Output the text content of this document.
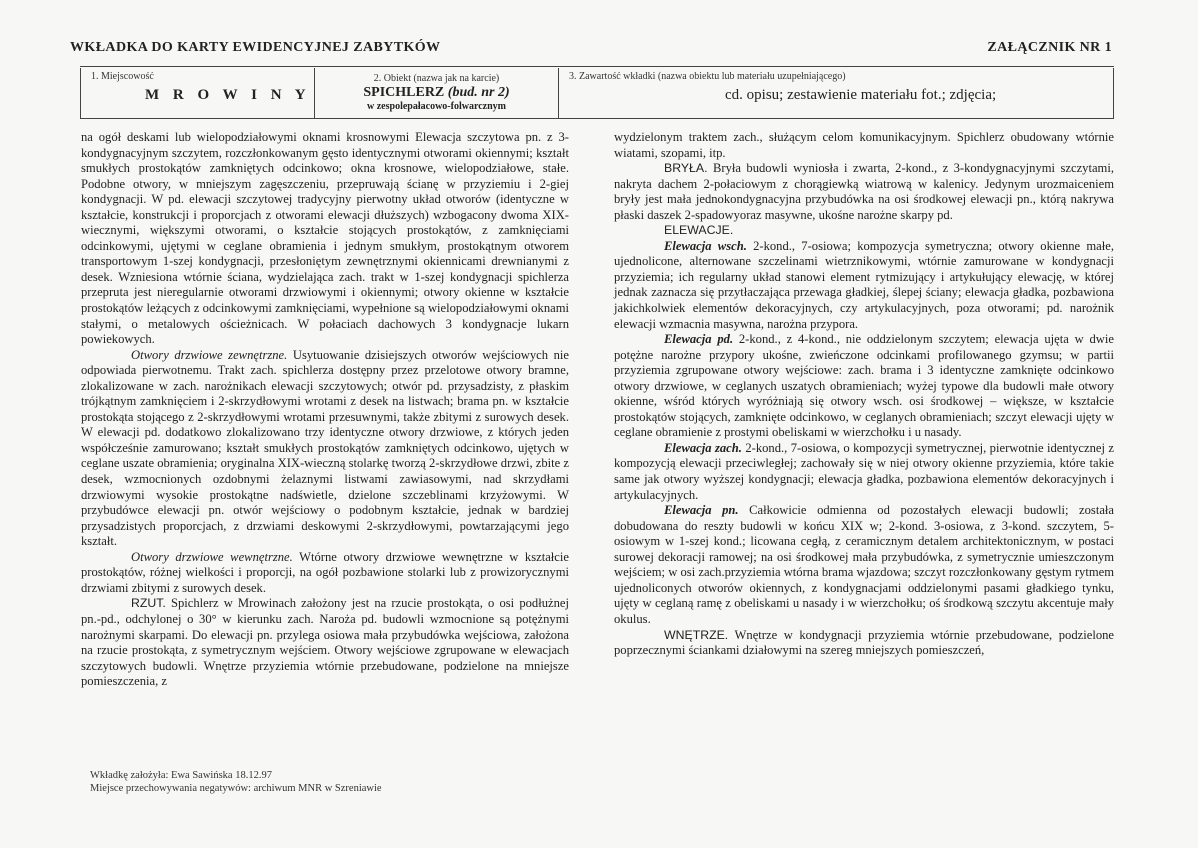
WKŁADKA DO KARTY EWIDENCYJNEJ ZABYTKÓW	ZAŁĄCZNIK NR 1
1. Miejscowość
M R O W I N Y
2. Obiekt (nazwa jak na karcie)
SPICHLERZ (bud. nr 2)
w zespolepałacowo-folwarcznym
3. Zawartość wkładki (nazwa obiektu lub materiału uzupełniającego)
cd. opisu; zestawienie materiału fot.; zdjęcia;

na ogół deskami lub wielopodziałowymi oknami krosnowymi Elewacja szczytowa pn. z 3-kondygnacyjnym szczytem, rozczłonkowanym gęsto identycznymi otworami okiennymi; kształt smukłych prostokątów zamkniętych odcinkowo; okna krosnowe, wielopodziałowe, stałe. Podobne otwory, w mniejszym zagęszczeniu, przepruwają ścianę w przyziemiu i 2-giej kondygnacji. W pd. elewacji szczytowej tradycyjny pierwotny układ otworów (identyczne w kształcie, konstrukcji i proporcjach z otworami elewacji dłuższych) wzbogacony dwoma XIX-wiecznymi, większymi otworami, o kształcie stojących prostokątów, z zamknięciami odcinkowymi, ujętymi w ceglane obramienia i jednym smukłym, prostokątnym otworem transportowym 1-szej kondygnacji, przesłoniętym zewnętrznymi okiennicami drewnianymi z desek. Wzniesiona wtórnie ściana, wydzielająca zach. trakt w 1-szej kondygnacji spichlerza przepruta jest nieregularnie otworami drzwiowymi i okiennymi; otwory okienne w kształcie prostokątów leżących z odcinkowymi zamknięciami, wypełnione są wielopodziałowymi oknami stałymi, o metalowych ościeżnicach. W połaciach dachowych 3 kondygnacje lukarn powiekowych.

Otwory drzwiowe zewnętrzne. Usytuowanie dzisiejszych otworów wejściowych nie odpowiada pierwotnemu. Trakt zach. spichlerza dostępny przez przelotowe otwory bramne, zlokalizowane w zach. narożnikach elewacji szczytowych; otwór pd. przysadzisty, z płaskim trójkątnym zamknięciem i 2-skrzydłowymi wrotami z desek na listwach; brama pn. w kształcie prostokąta stojącego z 2-skrzydłowymi wrotami przesuwnymi, także zbitymi z surowych desek. W elewacji pd. dodatkowo zlokalizowano trzy identyczne otwory drzwiowe, z których jeden współcześnie zamurowano; kształt smukłych prostokątów zamkniętych odcinkowo, ujętych w ceglane uszate obramienia; oryginalna XIX-wieczną stolarkę tworzą 2-skrzydłowe drzwi, zbite z desek, wzmocnionych ozdobnymi żelaznymi listwami zawiasowymi, nad skrzydłami drzwiowymi wysokie prostokątne nadświetle, dzielone szczeblinami krzyżowymi. W przybudówce elewacji pn. otwór wejściowy o podobnym kształcie, jednak w bardziej przysadzistych proporcjach, z drzwiami deskowymi 2-skrzydłowymi, powtarzającymi jego kształt.

Otwory drzwiowe wewnętrzne. Wtórne otwory drzwiowe wewnętrzne w kształcie prostokątów, różnej wielkości i proporcji, na ogół pozbawione stolarki lub z prowizorycznymi drzwiami zbitymi z surowych desek.

RZUT. Spichlerz w Mrowinach założony jest na rzucie prostokąta, o osi podłużnej pn.-pd., odchylonej o 30° w kierunku zach. Naroża pd. budowli wzmocnione są potężnymi narożnymi skarpami. Do elewacji pn. przylega osiowa mała przybudówka wejściowa, założona na rzucie prostokąta, z symetrycznym wejściem. Otwory wejściowe zgrupowane w elewacjach szczytowych budowli. Wnętrze przyziemia wtórnie przebudowane, podzielone na mniejsze pomieszczenia, z

wydzielonym traktem zach., służącym celom komunikacyjnym. Spichlerz obudowany wtórnie wiatami, szopami, itp.

BRYŁA. Bryła budowli wyniosła i zwarta, 2-kond., z 3-kondygnacyjnymi szczytami, nakryta dachem 2-połaciowym z chorągiewką wiatrową w kalenicy. Jedynym urozmaiceniem bryły jest mała jednokondygnacyjna przybudówka na osi środkowej elewacji pn., którą nakrywa płaski daszek 2-spadowyoraz masywne, ukośne narożne skarpy pd.

ELEWACJE.

Elewacja wsch. 2-kond., 7-osiowa; kompozycja symetryczna; otwory okienne małe, ujednolicone, alternowane szczelinami wietrznikowymi, wtórnie zamurowane w kondygnacji przyziemia; ich regularny układ stanowi element rytmizujący i artykułujący elewację, w której jednak zaznacza się przytłaczająca przewaga gładkiej, ślepej ściany; elewacja gładka, pozbawiona jakichkolwiek elementów dekoracyjnych, czy artykulacyjnych, poza otworami; pd. narożnik elewacji wzmacnia masywna, narożna przypora.

Elewacja pd. 2-kond., z 4-kond., nie oddzielonym szczytem; elewacja ujęta w dwie potężne narożne przypory ukośne, zwieńczone odcinkami profilowanego gzymsu; w partii przyziemia zgrupowane otwory wejściowe: zach. brama i 3 identyczne zamknięte odcinkowo otwory drzwiowe, w ceglanych uszatych obramieniach; wyżej typowe dla budowli małe otwory okienne, wśród których wyróżniają się otwory wsch. osi środkowej – większe, w kształcie prostokątów stojących, zamknięte odcinkowo, w ceglanych obramieniach; szczyt elewacji ujęty w ceglane obramienie z prostymi obeliskami w wierzchołku i u nasady.

Elewacja zach. 2-kond., 7-osiowa, o kompozycji symetrycznej, pierwotnie identycznej z kompozycją elewacji przeciwległej; zachowały się w niej otwory okienne przyziemia, które takie same jak otwory wyższej kondygnacji; elewacja gładka, pozbawiona elementów dekoracyjnych i artykulacyjnych.

Elewacja pn. Całkowicie odmienna od pozostałych elewacji budowli; została dobudowana do reszty budowli w końcu XIX w; 2-kond. 3-osiowa, z 3-kond. szczytem, 5-osiowym w 1-szej kond.; licowana cegłą, z ceramicznym detalem architektonicznym, w postaci surowej dekoracji ramowej; na osi środkowej mała przybudówka, z symetrycznie umieszczonym wejściem; w osi zach.przyziemia wtórna brama wjazdowa; szczyt rozczłonkowany gęstym rytmem ujednoliconych otworów okiennych, z kondygnacjami oddzielonymi pasami gładkiego tynku, ujęty w ceglaną ramę z obeliskami u nasady i w wierzchołku; oś środkową szczytu akcentuje mały okulus.

WNĘTRZE. Wnętrze w kondygnacji przyziemia wtórnie przebudowane, podzielone poprzecznymi ściankami działowymi na szereg mniejszych pomieszczeń,

Wkładkę założyła: Ewa Sawińska 18.12.97
Miejsce przechowywania negatywów: archiwum MNR w Szreniawie
